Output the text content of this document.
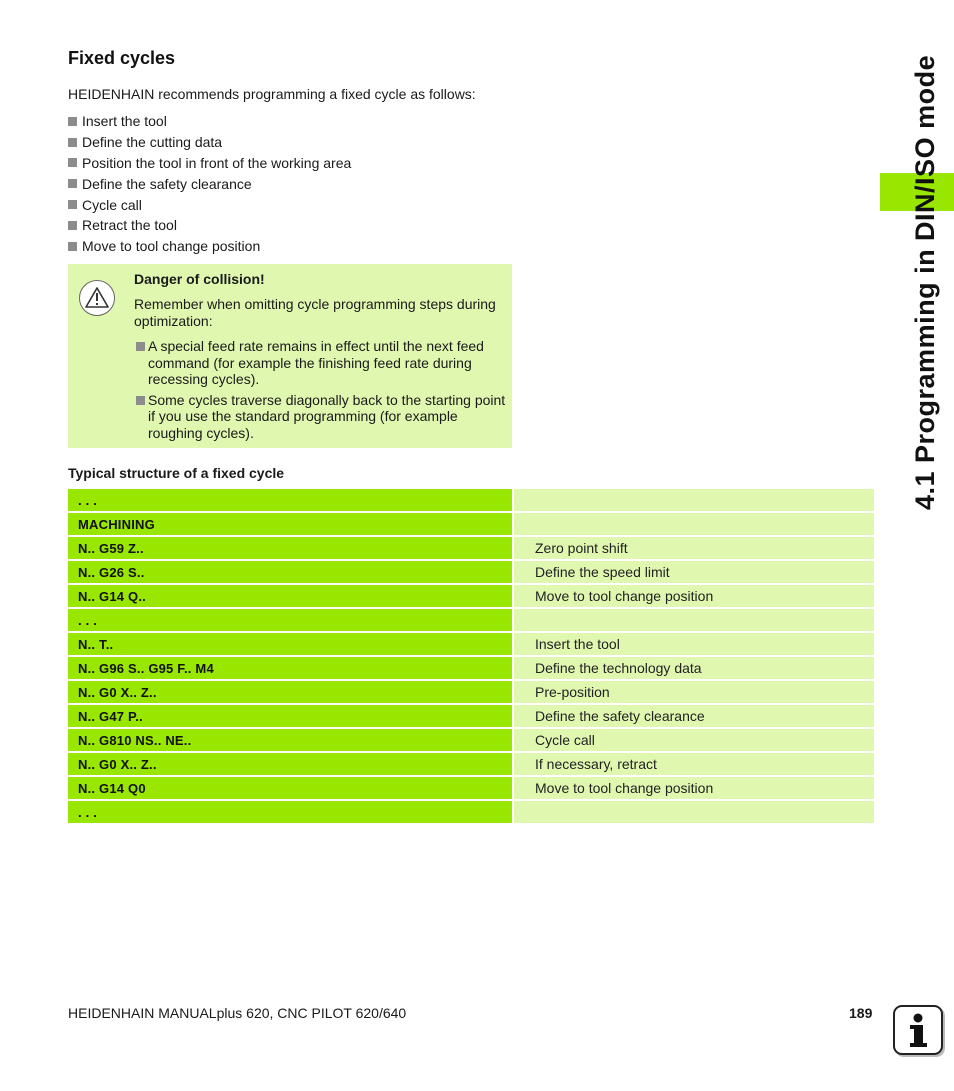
Fixed cycles
HEIDENHAIN recommends programming a fixed cycle as follows:
Insert the tool
Define the cutting data
Position the tool in front of the working area
Define the safety clearance
Cycle call
Retract the tool
Move to tool change position
Danger of collision!
Remember when omitting cycle programming steps during optimization:
A special feed rate remains in effect until the next feed command (for example the finishing feed rate during recessing cycles).
Some cycles traverse diagonally back to the starting point if you use the standard programming (for example roughing cycles).
Typical structure of a fixed cycle
. . .
MACHINING
N.. G59 Z..	Zero point shift
N.. G26 S..	Define the speed limit
N.. G14 Q..	Move to tool change position
. . .
N.. T..	Insert the tool
N.. G96 S.. G95 F.. M4	Define the technology data
N.. G0 X.. Z..	Pre-position
N.. G47 P..	Define the safety clearance
N.. G810 NS.. NE..	Cycle call
N.. G0 X.. Z..	If necessary, retract
N.. G14 Q0	Move to tool change position
. . .
4.1 Programming in DIN/ISO mode
HEIDENHAIN MANUALplus 620, CNC PILOT 620/640	189
